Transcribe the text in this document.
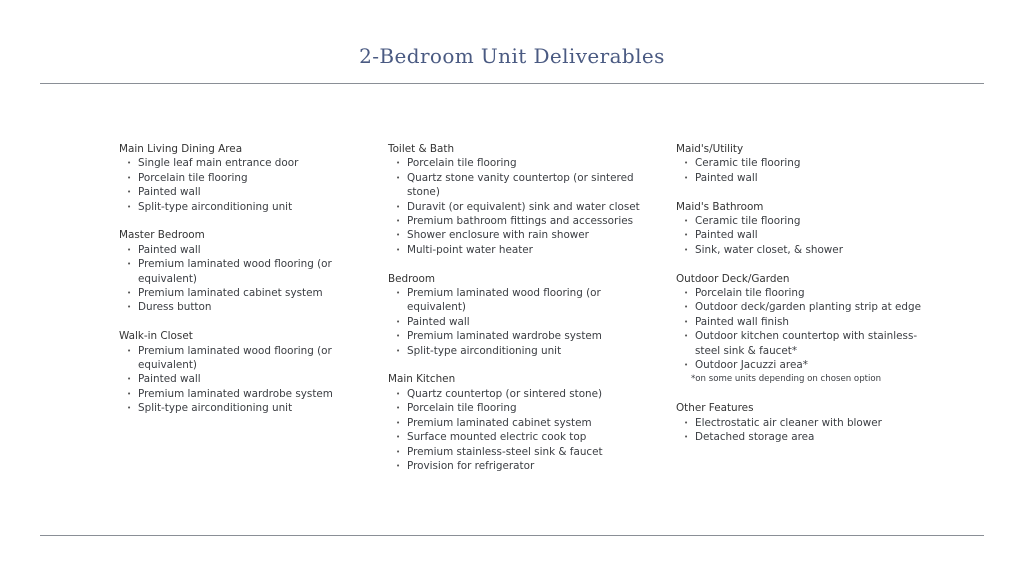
2-Bedroom Unit Deliverables
Main Living Dining Area
• Single leaf main entrance door
• Porcelain tile flooring
• Painted wall
• Split-type airconditioning unit
Master Bedroom
• Painted wall
• Premium laminated wood flooring (or equivalent)
• Premium laminated cabinet system
• Duress button
Walk-in Closet
• Premium laminated wood flooring (or equivalent)
• Painted wall
• Premium laminated wardrobe system
• Split-type airconditioning unit
Toilet & Bath
• Porcelain tile flooring
• Quartz stone vanity countertop (or sintered stone)
• Duravit (or equivalent) sink and water closet
• Premium bathroom fittings and accessories
• Shower enclosure with rain shower
• Multi-point water heater
Bedroom
• Premium laminated wood flooring (or equivalent)
• Painted wall
• Premium laminated wardrobe system
• Split-type airconditioning unit
Main Kitchen
• Quartz countertop (or sintered stone)
• Porcelain tile flooring
• Premium laminated cabinet system
• Surface mounted electric cook top
• Premium stainless-steel sink & faucet
• Provision for refrigerator
Maid's/Utility
• Ceramic tile flooring
• Painted wall
Maid's Bathroom
• Ceramic tile flooring
• Painted wall
• Sink, water closet, & shower
Outdoor Deck/Garden
• Porcelain tile flooring
• Outdoor deck/garden planting strip at edge
• Painted wall finish
• Outdoor kitchen countertop with stainless-steel sink & faucet*
• Outdoor Jacuzzi area*
*on some units depending on chosen option
Other Features
• Electrostatic air cleaner with blower
• Detached storage area
